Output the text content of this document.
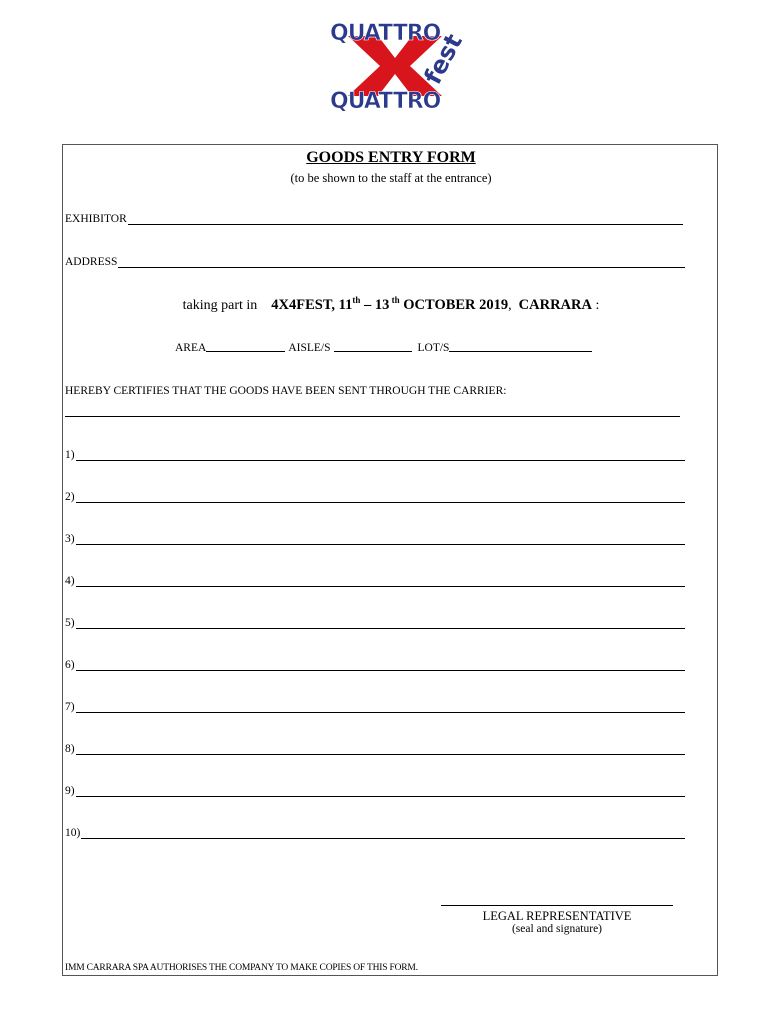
QUATTRO
QUATTRO
fest
GOODS ENTRY FORM
(to be shown to the staff at the entrance)
EXHIBITOR
ADDRESS
taking part in 4X4FEST, 11th – 13 $^{th}$ OCTOBER 2019,  CARRARA :
AREA	AISLE/S	LOT/S
HEREBY CERTIFIES THAT THE GOODS HAVE BEEN SENT THROUGH THE CARRIER:
1)
2)
3)
4)
5)
6)
7)
8)
9)
10)
LEGAL REPRESENTATIVE
(seal and signature)
IMM CARRARA SPA AUTHORISES THE COMPANY TO MAKE COPIES OF THIS FORM.
